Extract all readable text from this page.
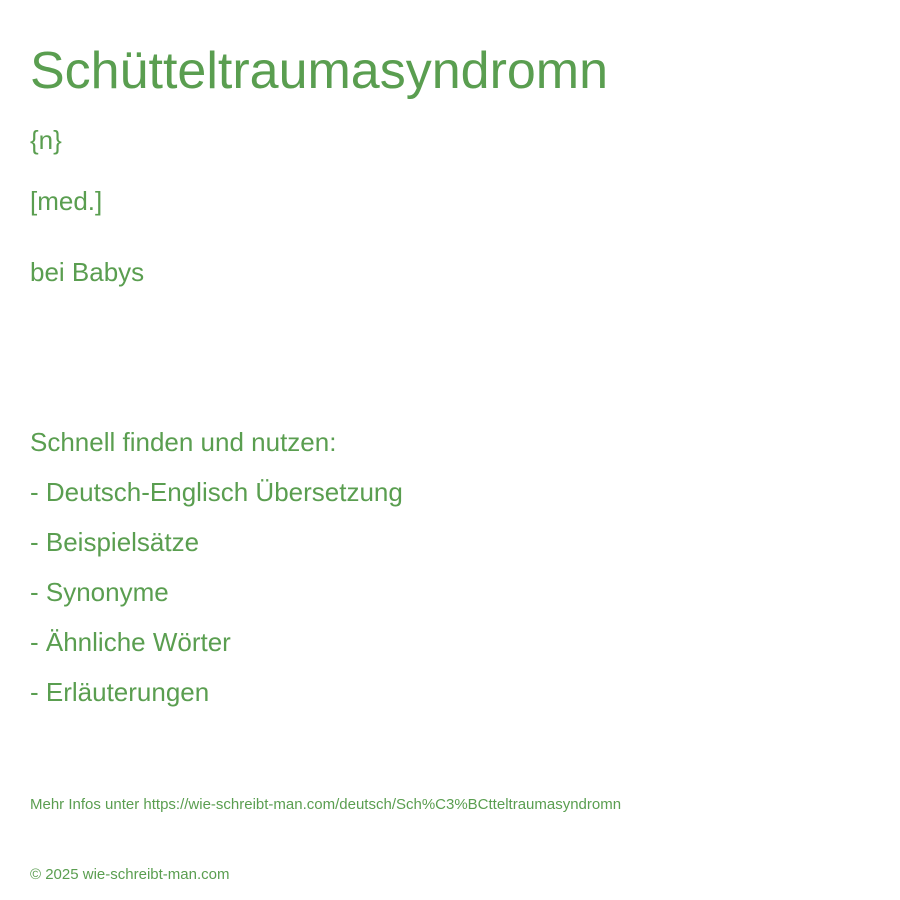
Schütteltraumasyndromn
{n}
[med.]
bei Babys
Schnell finden und nutzen:
- Deutsch-Englisch Übersetzung
- Beispielsätze
- Synonyme
- Ähnliche Wörter
- Erläuterungen
Mehr Infos unter https://wie-schreibt-man.com/deutsch/Sch%C3%BCtteltraumasyndromn
© 2025 wie-schreibt-man.com
